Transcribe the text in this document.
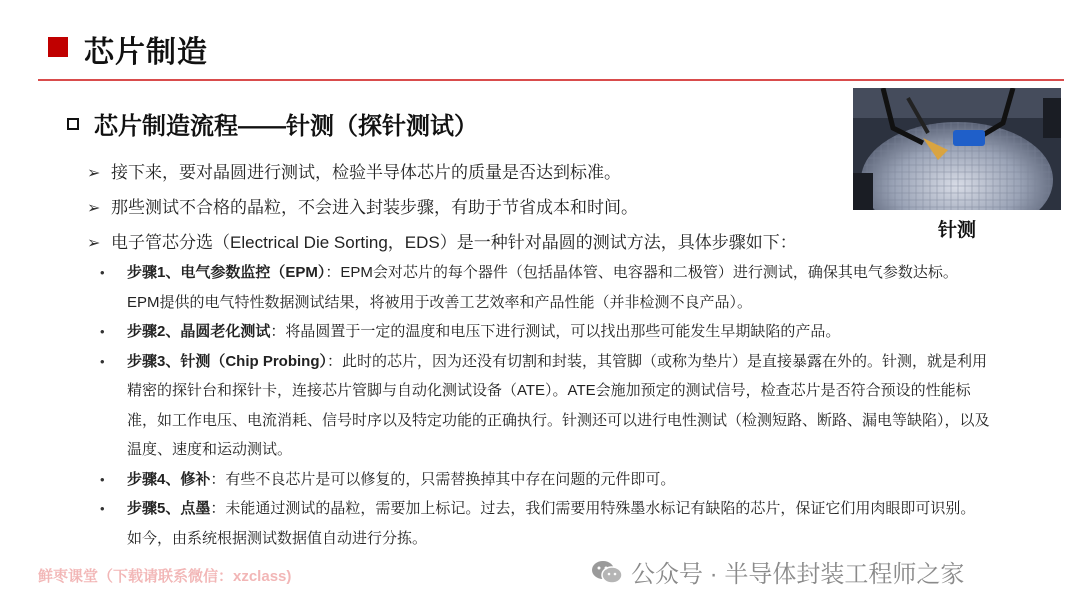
芯片制造
芯片制造流程——针测（探针测试）
针测
➢ 接下来，要对晶圆进行测试，检验半导体芯片的质量是否达到标准。
➢ 那些测试不合格的晶粒，不会进入封装步骤，有助于节省成本和时间。
➢ 电子管芯分选（Electrical Die Sorting，EDS）是一种针对晶圆的测试方法，具体步骤如下：
•	步骤1、电气参数监控（EPM）：EPM会对芯片的每个器件（包括晶体管、电容器和二极管）进行测试，确保其电气参数达标。EPM提供的电气特性数据测试结果，将被用于改善工艺效率和产品性能（并非检测不良产品）。
•	步骤2、晶圆老化测试：将晶圆置于一定的温度和电压下进行测试，可以找出那些可能发生早期缺陷的产品。
•	步骤3、针测（Chip Probing）：此时的芯片，因为还没有切割和封装，其管脚（或称为垫片）是直接暴露在外的。针测，就是利用精密的探针台和探针卡，连接芯片管脚与自动化测试设备（ATE）。ATE会施加预定的测试信号，检查芯片是否符合预设的性能标准，如工作电压、电流消耗、信号时序以及特定功能的正确执行。针测还可以进行电性测试（检测短路、断路、漏电等缺陷），以及温度、速度和运动测试。
•	步骤4、修补：有些不良芯片是可以修复的，只需替换掉其中存在问题的元件即可。
•	步骤5、点墨：未能通过测试的晶粒，需要加上标记。过去，我们需要用特殊墨水标记有缺陷的芯片，保证它们用肉眼即可识别。如今，由系统根据测试数据值自动进行分拣。
鲜枣课堂（下载请联系微信：xzclass)	公众号 · 半导体封装工程师之家
